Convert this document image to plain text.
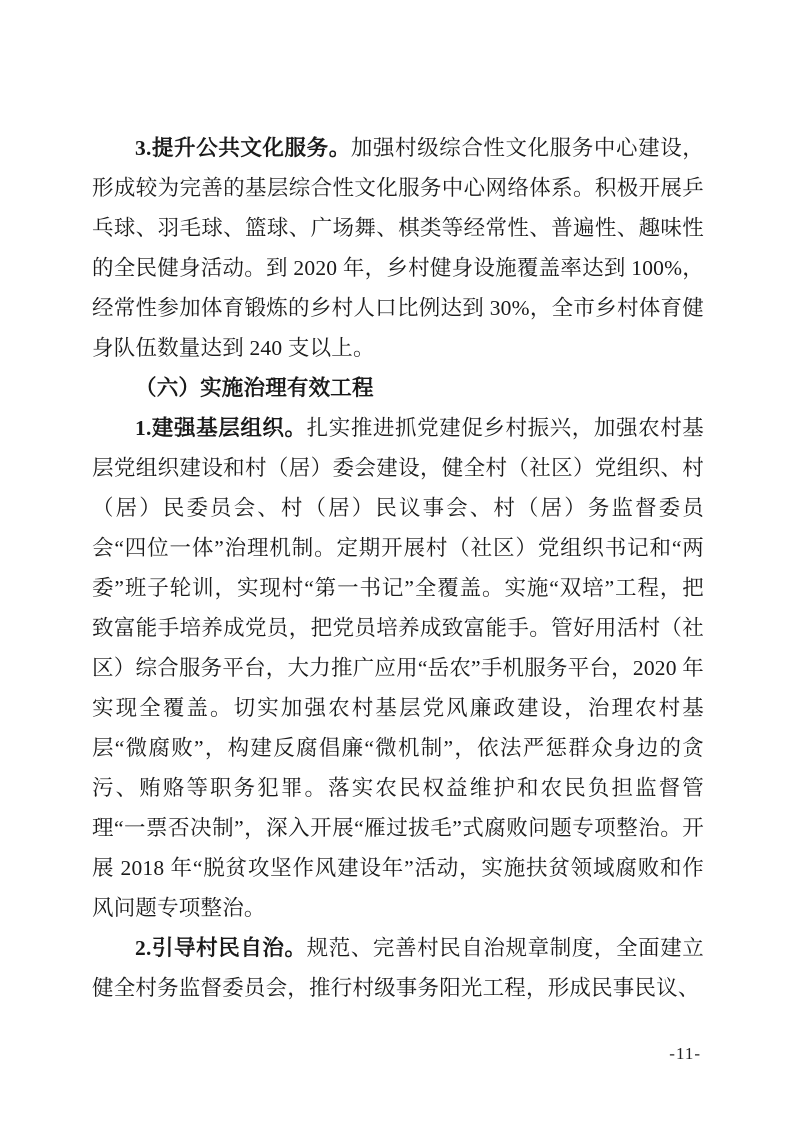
3.提升公共文化服务。加强村级综合性文化服务中心建设，形成较为完善的基层综合性文化服务中心网络体系。积极开展乒乓球、羽毛球、篮球、广场舞、棋类等经常性、普遍性、趣味性的全民健身活动。到 2020 年，乡村健身设施覆盖率达到 100%，经常性参加体育锻炼的乡村人口比例达到 30%，全市乡村体育健身队伍数量达到 240 支以上。

（六）实施治理有效工程

1.建强基层组织。扎实推进抓党建促乡村振兴，加强农村基层党组织建设和村（居）委会建设，健全村（社区）党组织、村（居）民委员会、村（居）民议事会、村（居）务监督委员会“四位一体”治理机制。定期开展村（社区）党组织书记和“两委”班子轮训，实现村“第一书记”全覆盖。实施“双培”工程，把致富能手培养成党员，把党员培养成致富能手。管好用活村（社区）综合服务平台，大力推广应用“岳农”手机服务平台，2020 年实现全覆盖。切实加强农村基层党风廉政建设，治理农村基层“微腐败”，构建反腐倡廉“微机制”，依法严惩群众身边的贪污、贿赂等职务犯罪。落实农民权益维护和农民负担监督管理“一票否决制”，深入开展“雁过拔毛”式腐败问题专项整治。开展 2018 年“脱贫攻坚作风建设年”活动，实施扶贫领域腐败和作风问题专项整治。

2.引导村民自治。规范、完善村民自治规章制度，全面建立健全村务监督委员会，推行村级事务阳光工程，形成民事民议、

-11-
